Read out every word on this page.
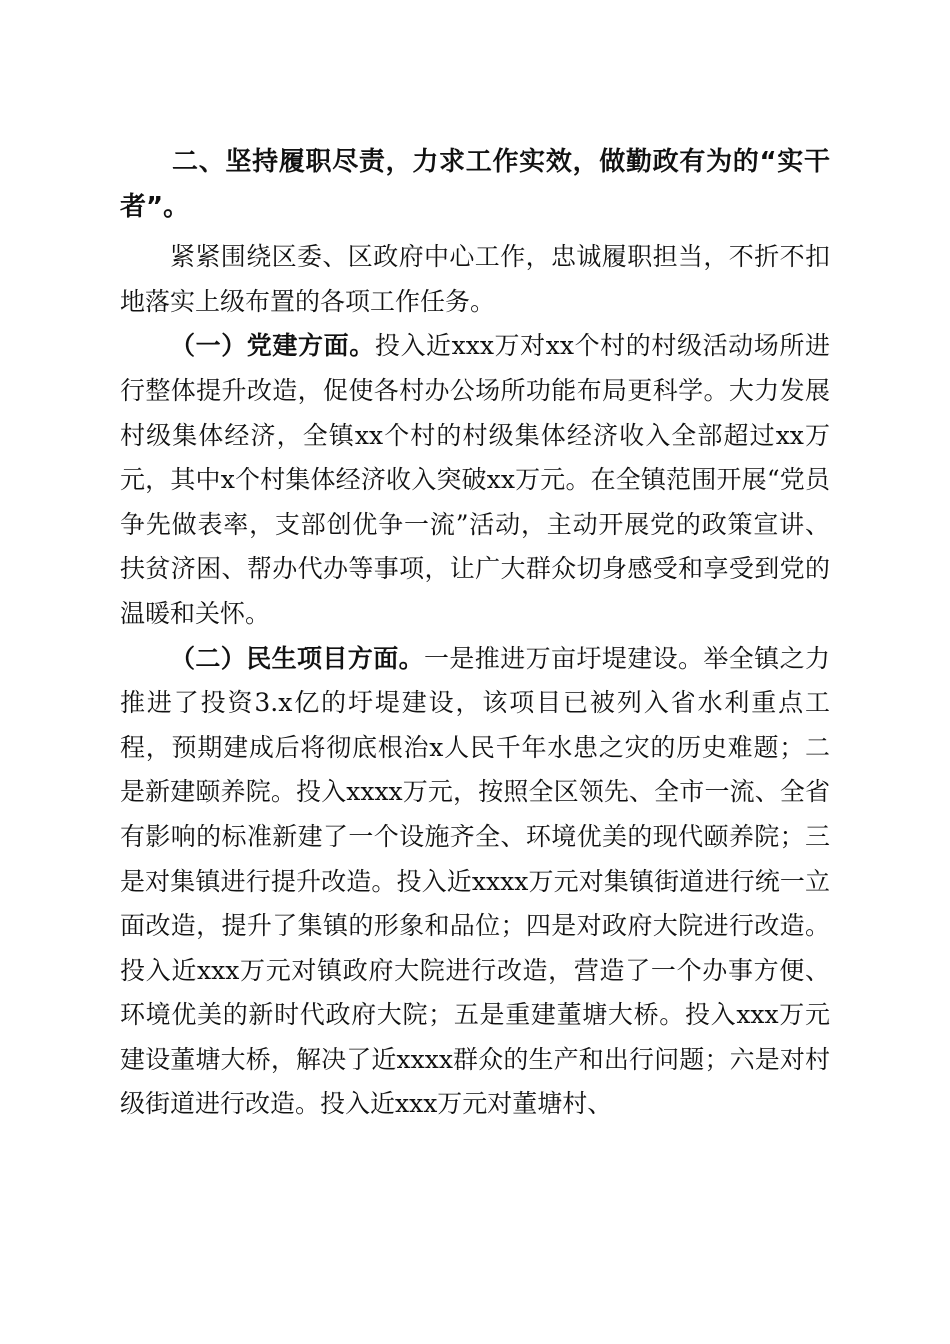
二、坚持履职尽责，力求工作实效，做勤政有为的“实干者”。

紧紧围绕区委、区政府中心工作，忠诚履职担当，不折不扣地落实上级布置的各项工作任务。

（一）党建方面。投入近xxx万对xx个村的村级活动场所进行整体提升改造，促使各村办公场所功能布局更科学。大力发展村级集体经济，全镇xx个村的村级集体经济收入全部超过xx万元，其中x个村集体经济收入突破xx万元。在全镇范围开展“党员争先做表率，支部创优争一流”活动，主动开展党的政策宣讲、扶贫济困、帮办代办等事项，让广大群众切身感受和享受到党的温暖和关怀。

（二）民生项目方面。一是推进万亩圩堤建设。举全镇之力推进了投资3.x亿的圩堤建设，该项目已被列入省水利重点工程，预期建成后将彻底根治x人民千年水患之灾的历史难题；二是新建颐养院。投入xxxx万元，按照全区领先、全市一流、全省有影响的标准新建了一个设施齐全、环境优美的现代颐养院；三是对集镇进行提升改造。投入近xxxx万元对集镇街道进行统一立面改造，提升了集镇的形象和品位；四是对政府大院进行改造。投入近xxx万元对镇政府大院进行改造，营造了一个办事方便、环境优美的新时代政府大院；五是重建董塘大桥。投入xxx万元建设董塘大桥，解决了近xxxx群众的生产和出行问题；六是对村级街道进行改造。投入近xxx万元对董塘村、
